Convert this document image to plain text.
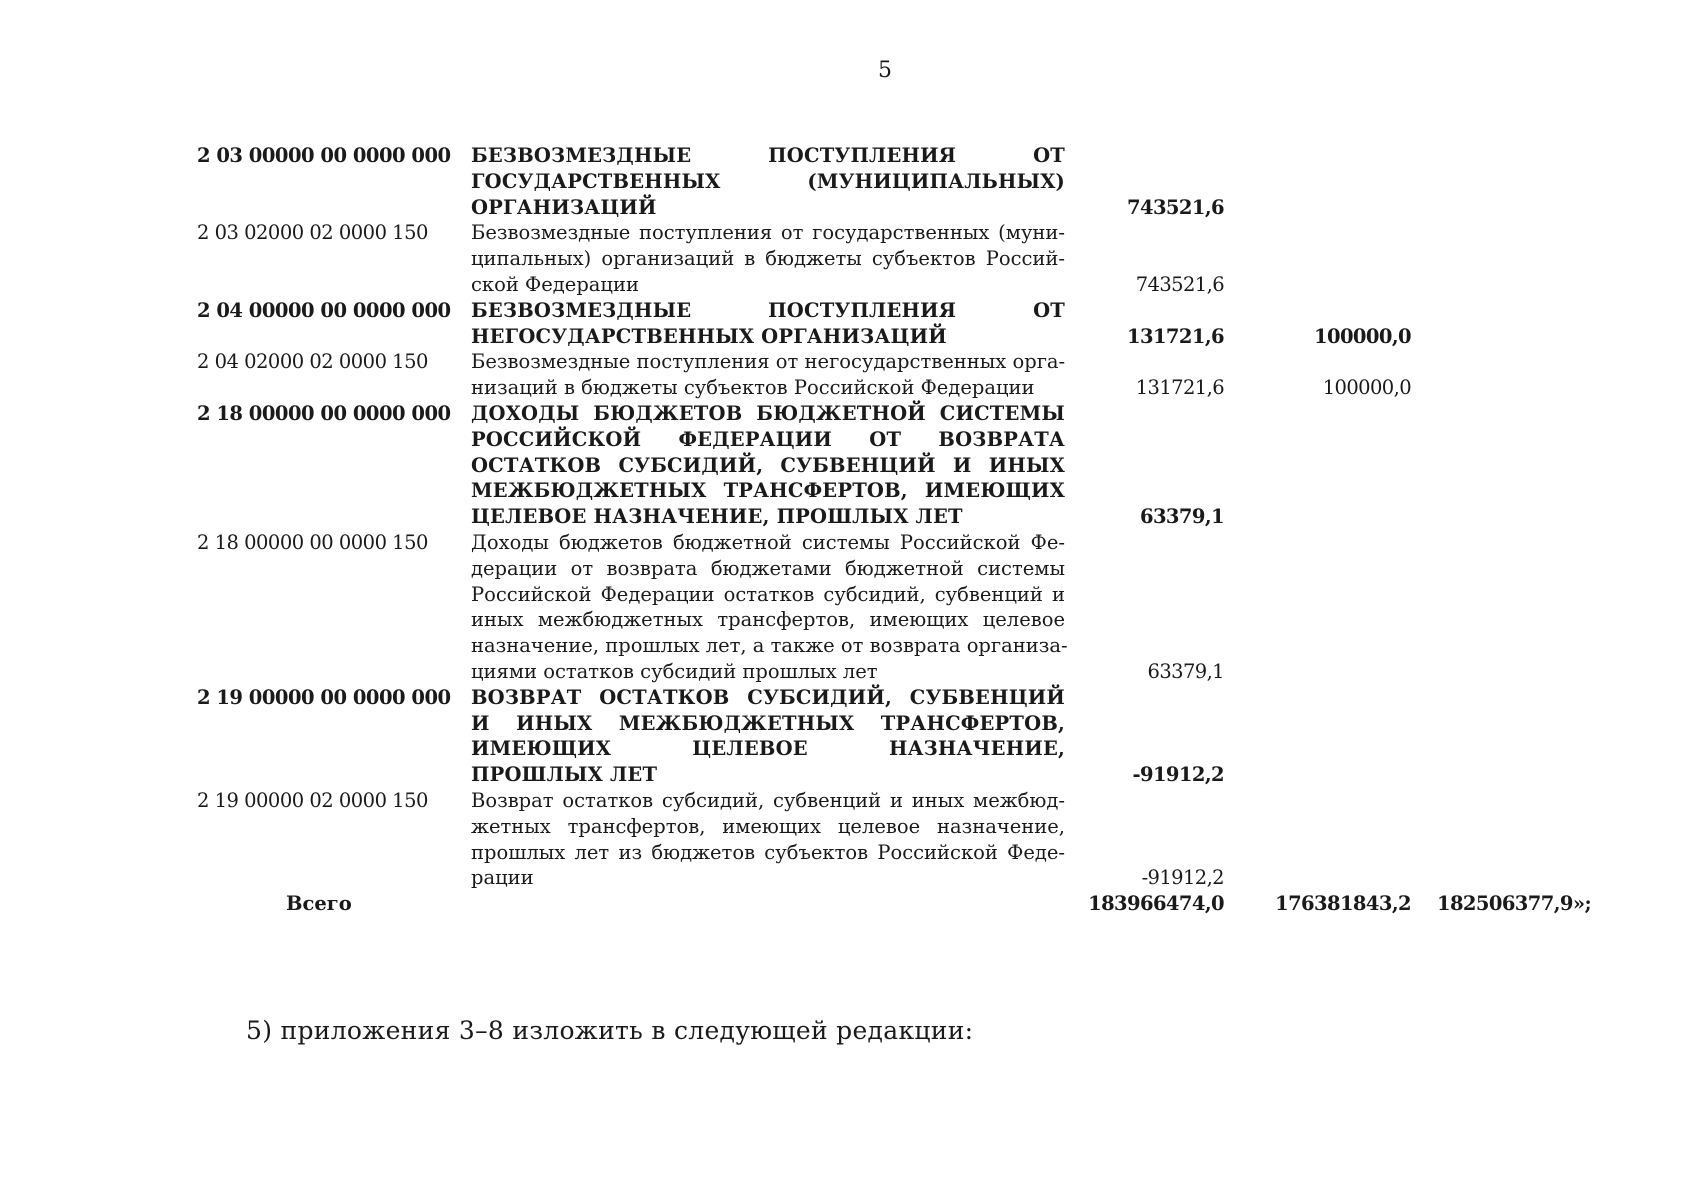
5
2 03 00000 00 0000 000 БЕЗВОЗМЕЗДНЫЕ ПОСТУПЛЕНИЯ ОТ
ГОСУДАРСТВЕННЫХ (МУНИЦИПАЛЬНЫХ)
ОРГАНИЗАЦИЙ	743521,6
2 03 02000 02 0000 150	Безвозмездные поступления от государственных (муни-
ципальных) организаций в бюджеты субъектов Россий-
ской Федерации	743521,6
2 04 00000 00 0000 000 БЕЗВОЗМЕЗДНЫЕ ПОСТУПЛЕНИЯ ОТ
НЕГОСУДАРСТВЕННЫХ ОРГАНИЗАЦИЙ	131721,6	100000,0
2 04 02000 02 0000 150	Безвозмездные поступления от негосударственных орга-
низаций в бюджеты субъектов Российской Федерации	131721,6	100000,0
2 18 00000 00 0000 000 ДОХОДЫ БЮДЖЕТОВ БЮДЖЕТНОЙ СИСТЕМЫ
РОССИЙСКОЙ ФЕДЕРАЦИИ ОТ ВОЗВРАТА
ОСТАТКОВ СУБСИДИЙ, СУБВЕНЦИЙ И ИНЫХ
МЕЖБЮДЖЕТНЫХ ТРАНСФЕРТОВ, ИМЕЮЩИХ
ЦЕЛЕВОЕ НАЗНАЧЕНИЕ, ПРОШЛЫХ ЛЕТ	63379,1
2 18 00000 00 0000 150	Доходы бюджетов бюджетной системы Российской Фе-
дерации от возврата бюджетами бюджетной системы
Российской Федерации остатков субсидий, субвенций и
иных межбюджетных трансфертов, имеющих целевое
назначение, прошлых лет, а также от возврата организа-
циями остатков субсидий прошлых лет	63379,1
2 19 00000 00 0000 000 ВОЗВРАТ ОСТАТКОВ СУБСИДИЙ, СУБВЕНЦИЙ
И ИНЫХ МЕЖБЮДЖЕТНЫХ ТРАНСФЕРТОВ,
ИМЕЮЩИХ ЦЕЛЕВОЕ НАЗНАЧЕНИЕ,
ПРОШЛЫХ ЛЕТ	-91912,2
2 19 00000 02 0000 150	Возврат остатков субсидий, субвенций и иных межбюд-
жетных трансфертов, имеющих целевое назначение,
прошлых лет из бюджетов субъектов Российской Феде-
рации	-91912,2
Всего	183966474,0	176381843,2 182506377,9»;
5) приложения 3–8 изложить в следующей редакции:
